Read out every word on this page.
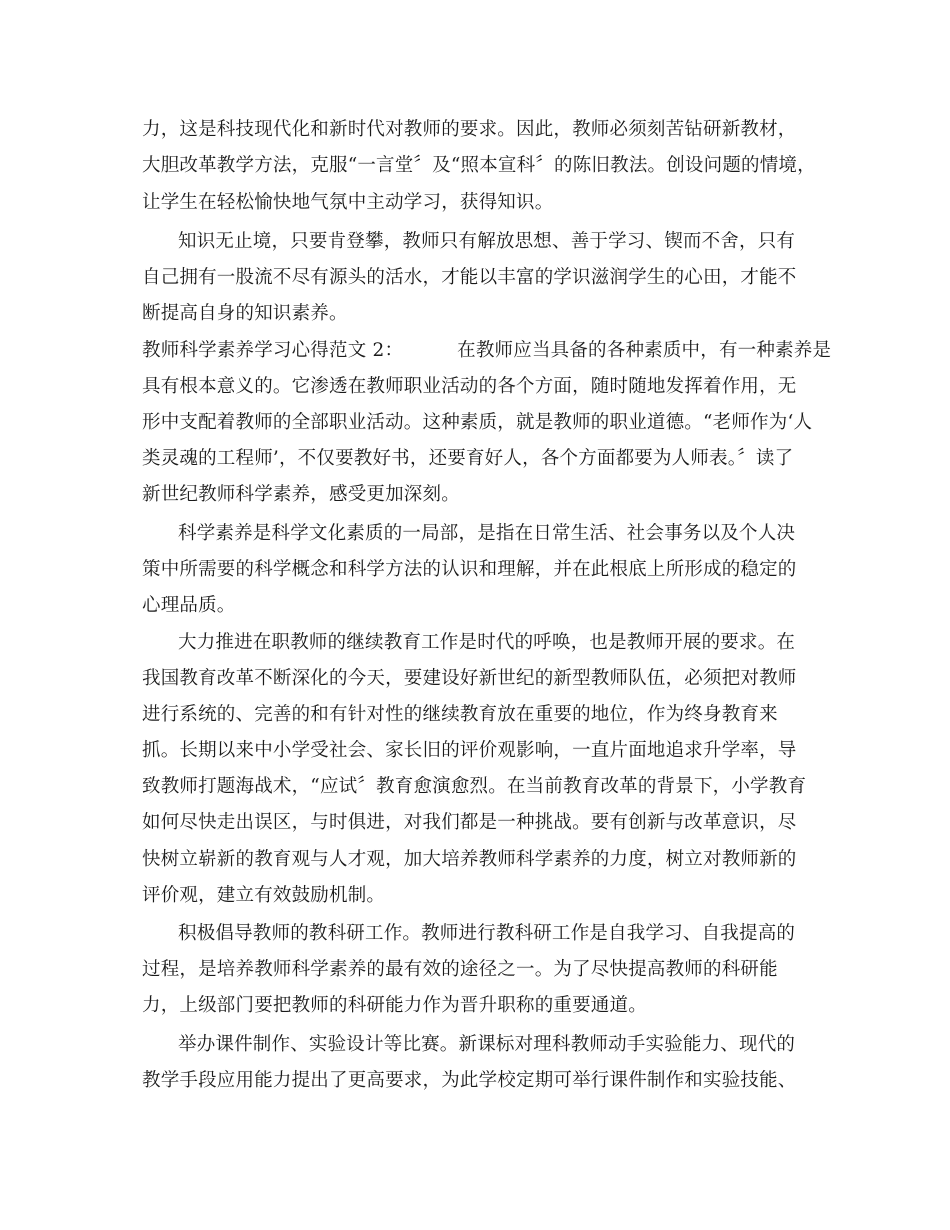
力，这是科技现代化和新时代对教师的要求。因此，教师必须刻苦钻研新教材，
大胆改革教学方法，克服“一言堂〞及“照本宣科〞的陈旧教法。创设问题的情境，
让学生在轻松愉快地气氛中主动学习，获得知识。
知识无止境，只要肯登攀，教师只有解放思想、善于学习、锲而不舍，只有
自己拥有一股流不尽有源头的活水，才能以丰富的学识滋润学生的心田，才能不
断提高自身的知识素养。
教师科学素养学习心得范文 2：	在教师应当具备的各种素质中，有一种素养是
具有根本意义的。它渗透在教师职业活动的各个方面，随时随地发挥着作用，无
形中支配着教师的全部职业活动。这种素质，就是教师的职业道德。“老师作为‘人
类灵魂的工程师’，不仅要教好书，还要育好人，各个方面都要为人师表。〞读了
新世纪教师科学素养，感受更加深刻。
科学素养是科学文化素质的一局部，是指在日常生活、社会事务以及个人决
策中所需要的科学概念和科学方法的认识和理解，并在此根底上所形成的稳定的
心理品质。
大力推进在职教师的继续教育工作是时代的呼唤，也是教师开展的要求。在
我国教育改革不断深化的今天，要建设好新世纪的新型教师队伍，必须把对教师
进行系统的、完善的和有针对性的继续教育放在重要的地位，作为终身教育来
抓。长期以来中小学受社会、家长旧的评价观影响，一直片面地追求升学率，导
致教师打题海战术，“应试〞教育愈演愈烈。在当前教育改革的背景下，小学教育
如何尽快走出误区，与时俱进，对我们都是一种挑战。要有创新与改革意识，尽
快树立崭新的教育观与人才观，加大培养教师科学素养的力度，树立对教师新的
评价观，建立有效鼓励机制。
积极倡导教师的教科研工作。教师进行教科研工作是自我学习、自我提高的
过程，是培养教师科学素养的最有效的途径之一。为了尽快提高教师的科研能
力，上级部门要把教师的科研能力作为晋升职称的重要通道。
举办课件制作、实验设计等比赛。新课标对理科教师动手实验能力、现代的
教学手段应用能力提出了更高要求，为此学校定期可举行课件制作和实验技能、
